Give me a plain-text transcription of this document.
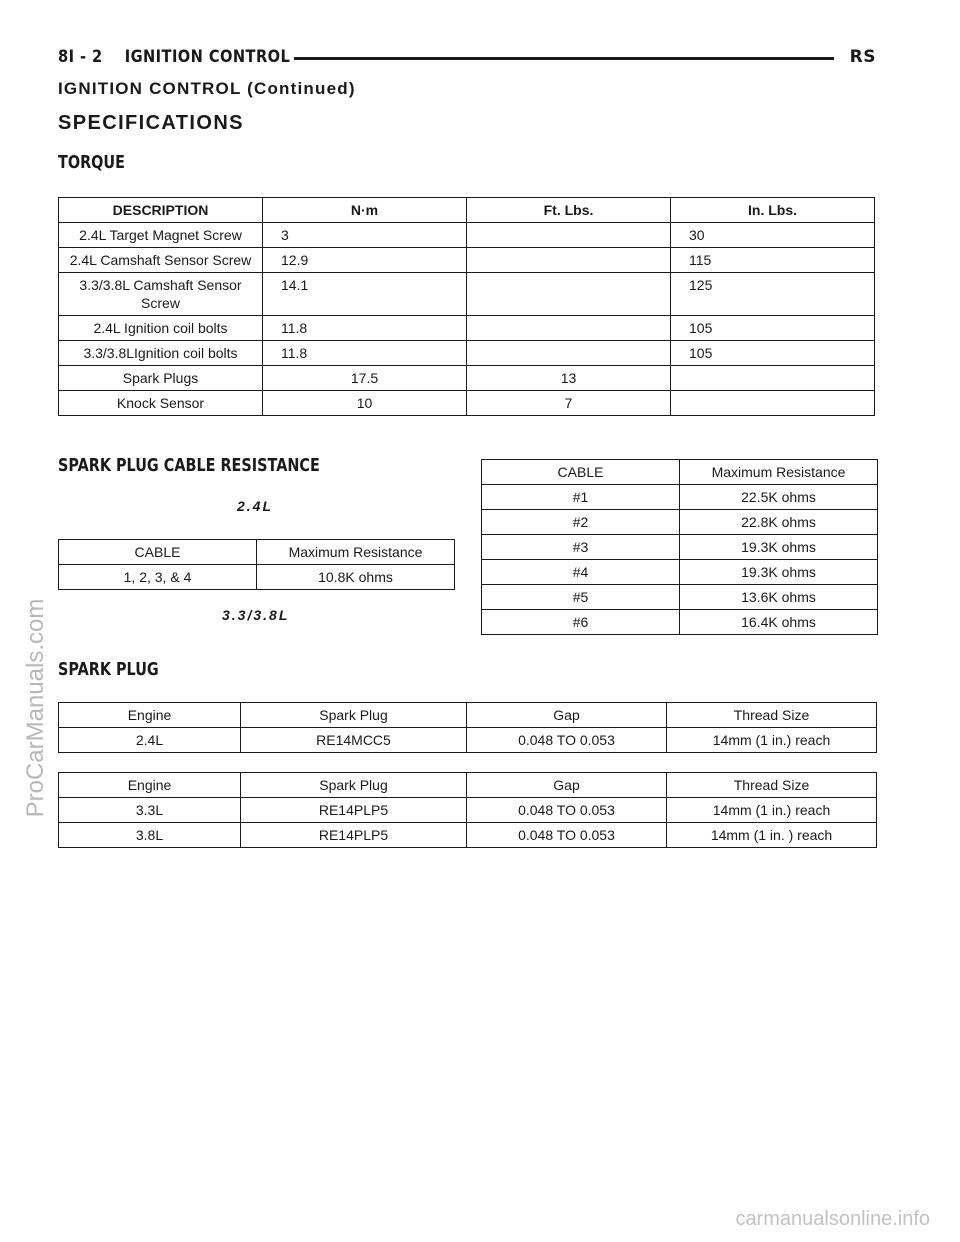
8I - 2 IGNITION CONTROL	RS
IGNITION CONTROL (Continued)
SPECIFICATIONS
TORQUE
DESCRIPTION	N·m	Ft. Lbs.	In. Lbs.
2.4L Target Magnet Screw	3		30
2.4L Camshaft Sensor Screw	12.9		115
3.3/3.8L Camshaft Sensor Screw	14.1		125
2.4L Ignition coil bolts	11.8		105
3.3/3.8LIgnition coil bolts	11.8		105
Spark Plugs	17.5	13	
Knock Sensor	10	7	
SPARK PLUG CABLE RESISTANCE
2.4L
CABLE	Maximum Resistance
1, 2, 3, & 4	10.8K ohms
3.3/3.8L
CABLE	Maximum Resistance
#1	22.5K ohms
#2	22.8K ohms
#3	19.3K ohms
#4	19.3K ohms
#5	13.6K ohms
#6	16.4K ohms
SPARK PLUG
Engine	Spark Plug	Gap	Thread Size
2.4L	RE14MCC5	0.048 TO 0.053	14mm (1 in.) reach
Engine	Spark Plug	Gap	Thread Size
3.3L	RE14PLP5	0.048 TO 0.053	14mm (1 in.) reach
3.8L	RE14PLP5	0.048 TO 0.053	14mm (1 in. ) reach
ProCarManuals.com
carmanualsonline.info
